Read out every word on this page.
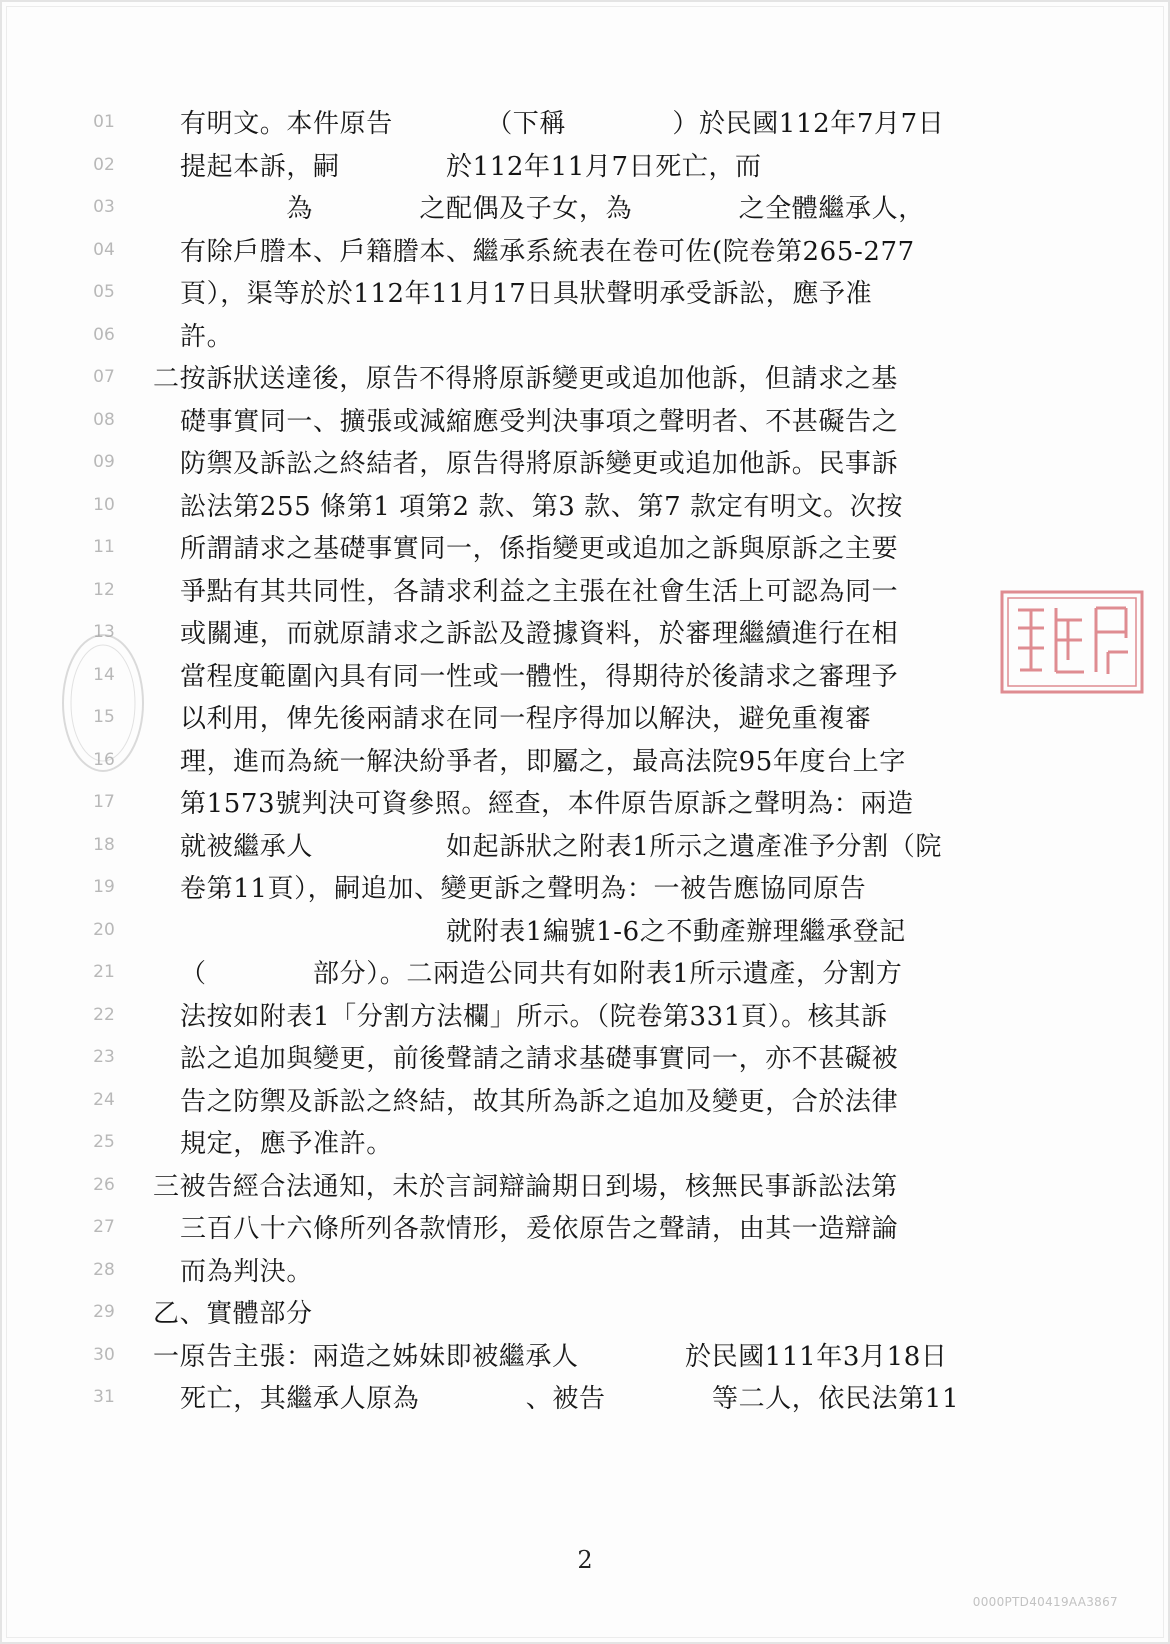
01	有明文。本件原告　　　　（下稱　　　　）於民國112年7月7日
02	提起本訴，嗣　　　　於112年11月7日死亡，而
03	　　　　為　　　　之配偶及子女，為　　　　之全體繼承人，
04	有除戶謄本、戶籍謄本、繼承系統表在卷可佐(院卷第265-277
05	頁），渠等於於112年11月17日具狀聲明承受訴訟，應予准
06	許。
07	二按訴狀送達後，原告不得將原訴變更或追加他訴，但請求之基
08	礎事實同一、擴張或減縮應受判決事項之聲明者、不甚礙告之
09	防禦及訴訟之終結者，原告得將原訴變更或追加他訴。民事訴
10	訟法第255 條第1 項第2 款、第3 款、第7 款定有明文。次按
11	所謂請求之基礎事實同一，係指變更或追加之訴與原訴之主要
12	爭點有其共同性，各請求利益之主張在社會生活上可認為同一
13	或關連，而就原請求之訴訟及證據資料，於審理繼續進行在相
14	當程度範圍內具有同一性或一體性，得期待於後請求之審理予
15	以利用，俾先後兩請求在同一程序得加以解決，避免重複審
16	理，進而為統一解決紛爭者，即屬之，最高法院95年度台上字
17	第1573號判決可資參照。經查，本件原告原訴之聲明為：兩造
18	就被繼承人　　　　　如起訴狀之附表1所示之遺產准予分割（院
19	卷第11頁），嗣追加、變更訴之聲明為：一被告應協同原告
20	　　　　　　　　　　就附表1編號1-6之不動產辦理繼承登記
21	（　　　　部分）。二兩造公同共有如附表1所示遺產，分割方
22	法按如附表1「分割方法欄」所示。（院卷第331頁）。核其訴
23	訟之追加與變更，前後聲請之請求基礎事實同一，亦不甚礙被
24	告之防禦及訴訟之終結，故其所為訴之追加及變更，合於法律
25	規定，應予准許。
26	三被告經合法通知，未於言詞辯論期日到場，核無民事訴訟法第
27	三百八十六條所列各款情形，爰依原告之聲請，由其一造辯論
28	而為判決。
29	乙、實體部分
30	一原告主張：兩造之姊妹即被繼承人　　　　於民國111年3月18日
31	死亡，其繼承人原為　　　　、被告　　　　等二人，依民法第11
2
0000PTD40419AA3867
